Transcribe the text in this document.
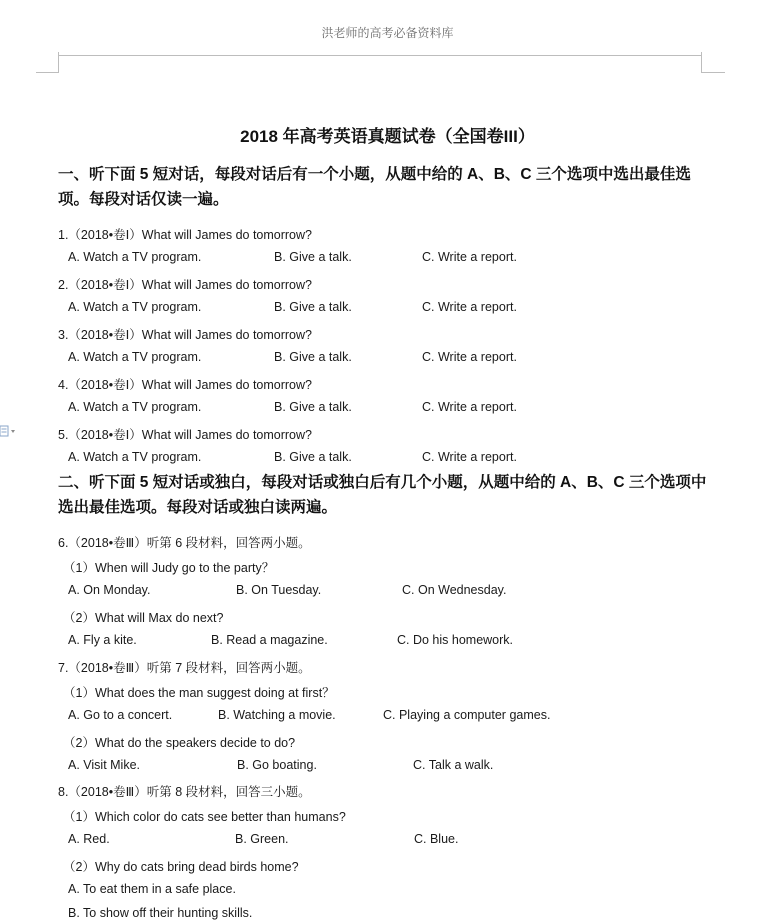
洪老师的高考必备资料库
2018 年高考英语真题试卷（全国卷III）
一、听下面 5 短对话，每段对话后有一个小题，从题中给的 A、B、C 三个选项中选出最佳选项。每段对话仅读一遍。
1.（2018•卷Ⅰ）What will James do tomorrow?
A. Watch a TV program.	B. Give a talk.	C. Write a report.
2.（2018•卷Ⅰ）What will James do tomorrow?
A. Watch a TV program.	B. Give a talk.	C. Write a report.
3.（2018•卷Ⅰ）What will James do tomorrow?
A. Watch a TV program.	B. Give a talk.	C. Write a report.
4.（2018•卷Ⅰ）What will James do tomorrow?
A. Watch a TV program.	B. Give a talk.	C. Write a report.
5.（2018•卷Ⅰ）What will James do tomorrow?
A. Watch a TV program.	B. Give a talk.	C. Write a report.
二、听下面 5 短对话或独白，每段对话或独白后有几个小题，从题中给的 A、B、C 三个选项中选出最佳选项。每段对话或独白读两遍。
6.（2018•卷Ⅲ）听第 6 段材料，回答两小题。
（1）When will Judy go to the party？
A. On Monday.	B. On Tuesday.	C. On Wednesday.
（2）What will Max do next?
A. Fly a kite.	B. Read a magazine.	C. Do his homework.
7.（2018•卷Ⅲ）听第 7 段材料，回答两小题。
（1）What does the man suggest doing at first？
A. Go to a concert.	B. Watching a movie.	C. Playing a computer games.
（2）What do the speakers decide to do?
A. Visit Mike.	B. Go boating.	C. Talk a walk.
8.（2018•卷Ⅲ）听第 8 段材料，回答三小题。
（1）Which color do cats see better than humans?
A. Red.	B. Green.	C. Blue.
（2）Why do cats bring dead birds home?
A. To eat them in a safe place.
B. To show off their hunting skills.
